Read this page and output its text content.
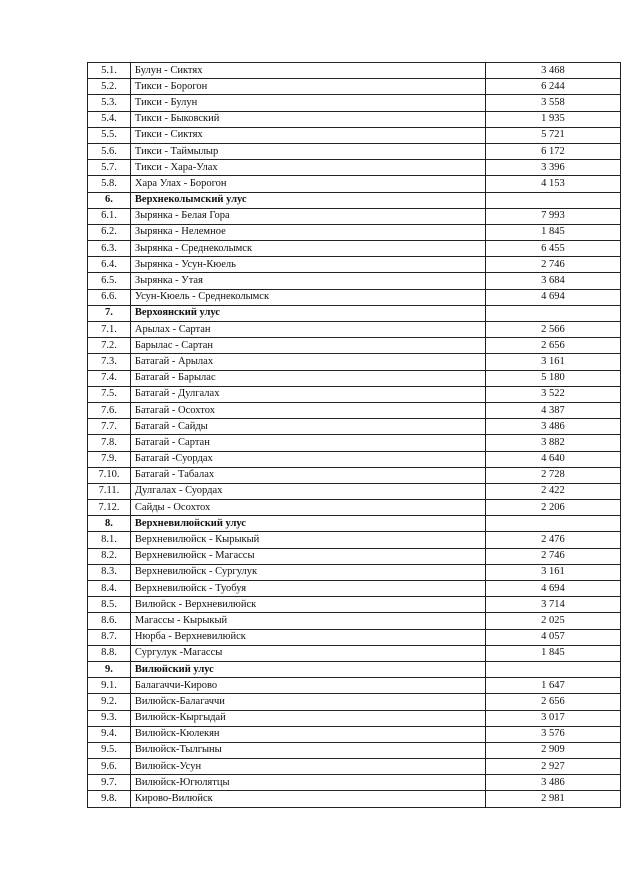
5.1.	Булун - Сиктях	3 468
5.2.	Тикси - Борогон	6 244
5.3.	Тикси - Булун	3 558
5.4.	Тикси - Быковский	1 935
5.5.	Тикси - Сиктях	5 721
5.6.	Тикси - Таймылыр	6 172
5.7.	Тикси - Хара-Улах	3 396
5.8.	Хара Улах - Борогон	4 153
6.	Верхнеколымский улус	
6.1.	Зырянка - Белая Гора	7 993
6.2.	Зырянка - Нелемное	1 845
6.3.	Зырянка - Среднеколымск	6 455
6.4.	Зырянка - Усун-Кюель	2 746
6.5.	Зырянка - Утая	3 684
6.6.	Усун-Кюель - Среднеколымск	4 694
7.	Верхоянский улус	
7.1.	Арылах - Сартан	2 566
7.2.	Барылас - Сартан	2 656
7.3.	Батагай - Арылах	3 161
7.4.	Батагай - Барылас	5 180
7.5.	Батагай - Дулгалах	3 522
7.6.	Батагай - Осохтох	4 387
7.7.	Батагай - Сайды	3 486
7.8.	Батагай - Сартан	3 882
7.9.	Батагай -Суордах	4 640
7.10.	Батагай - Табалах	2 728
7.11.	Дулгалах - Суордах	2 422
7.12.	Сайды - Осохтох	2 206
8.	Верхневилюйский улус	
8.1.	Верхневилюйск - Кырыкый	2 476
8.2.	Верхневилюйск - Магассы	2 746
8.3.	Верхневилюйск - Сургулук	3 161
8.4.	Верхневилюйск - Туобуя	4 694
8.5.	Вилюйск - Верхневилюйск	3 714
8.6.	Магассы - Кырыкый	2 025
8.7.	Нюрба - Верхневилюйск	4 057
8.8.	Сургулук -Магассы	1 845
9.	Вилюйский улус	
9.1.	Балагаччи-Кирово	1 647
9.2.	Вилюйск-Балагаччи	2 656
9.3.	Вилюйск-Кыргыдай	3 017
9.4.	Вилюйск-Кюлекян	3 576
9.5.	Вилюйск-Тылгыны	2 909
9.6.	Вилюйск-Усун	2 927
9.7.	Вилюйск-Югюлятцы	3 486
9.8.	Кирово-Вилюйск	2 981
